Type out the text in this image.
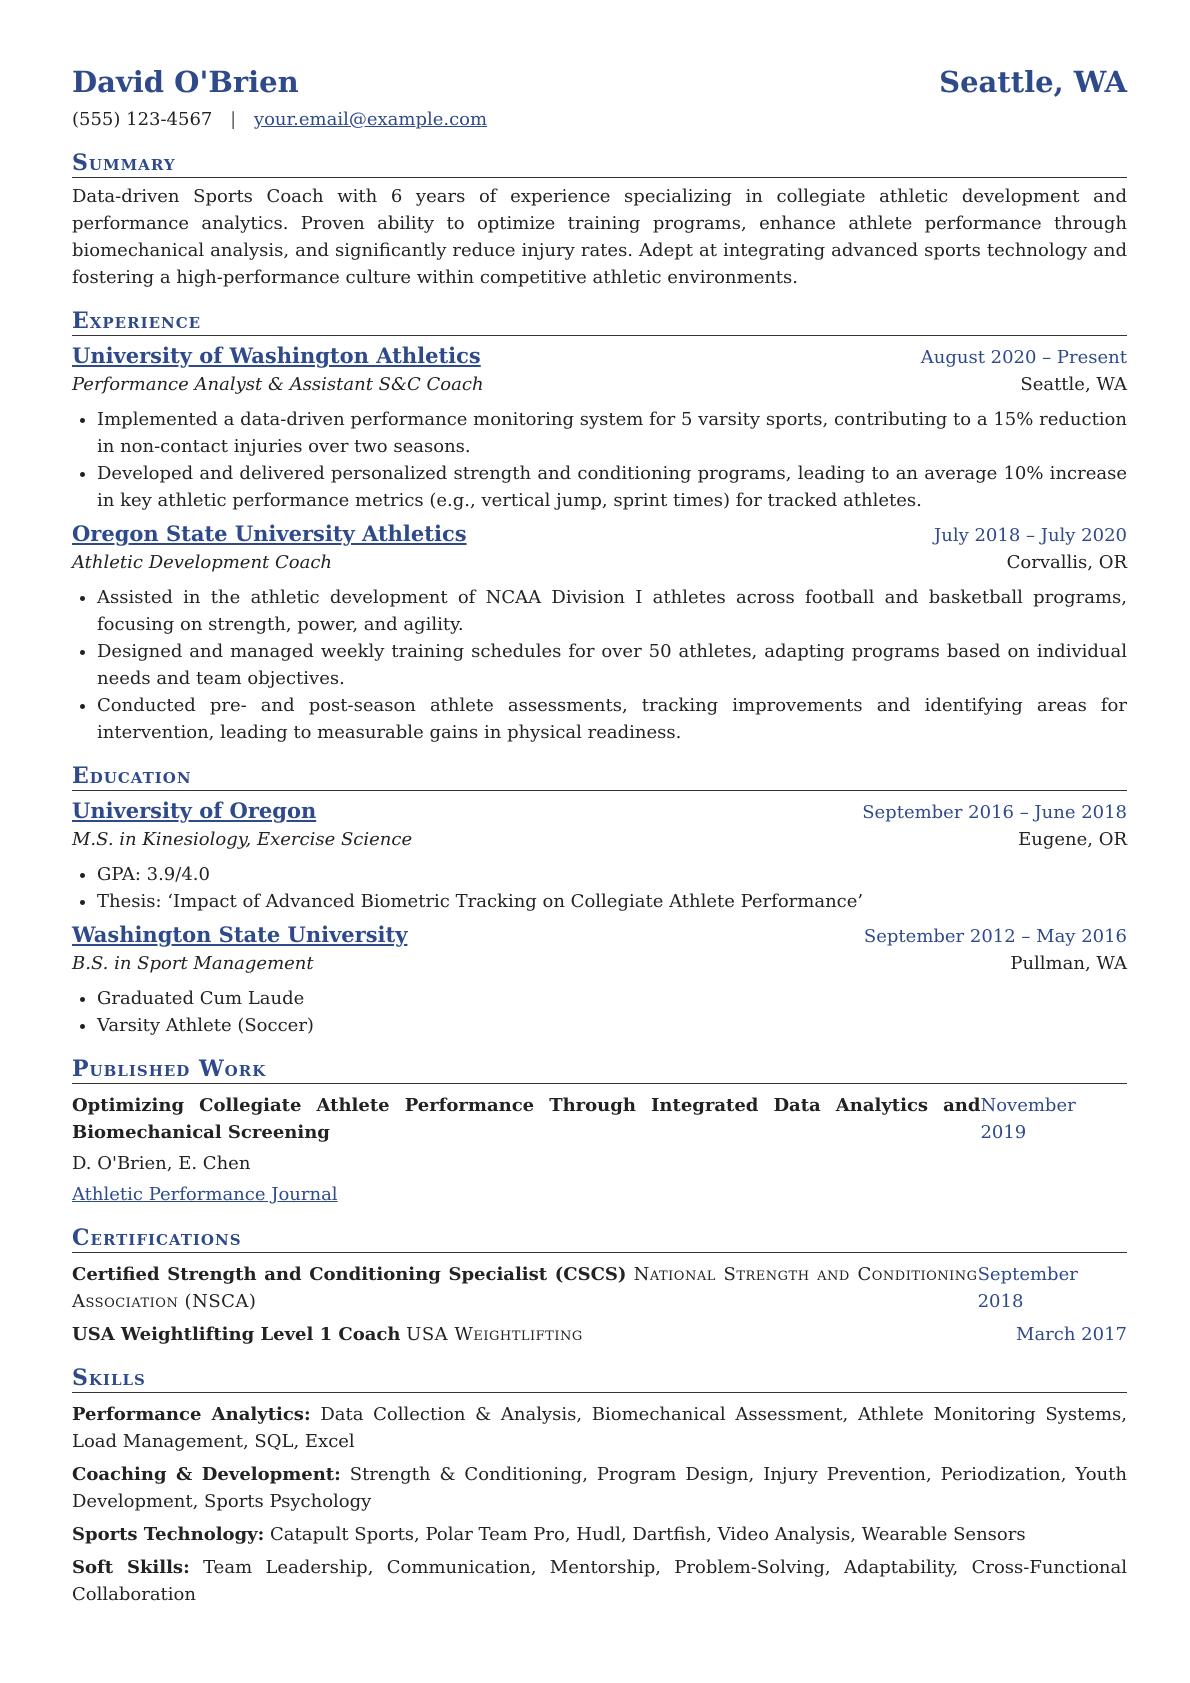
David O'Brien	Seattle, WA
(555) 123-4567 | your.email@example.com
Summary
Data-driven Sports Coach with 6 years of experience specializing in collegiate athletic development and performance analytics. Proven ability to optimize training programs, enhance athlete performance through biomechanical analysis, and significantly reduce injury rates. Adept at integrating advanced sports technology and fostering a high-performance culture within competitive athletic environments.
Experience
University of Washington Athletics	August 2020 – Present
Performance Analyst & Assistant S&C Coach	Seattle, WA
• Implemented a data-driven performance monitoring system for 5 varsity sports, contributing to a 15% reduction in non-contact injuries over two seasons.
• Developed and delivered personalized strength and conditioning programs, leading to an average 10% increase in key athletic performance metrics (e.g., vertical jump, sprint times) for tracked athletes.
Oregon State University Athletics	July 2018 – July 2020
Athletic Development Coach	Corvallis, OR
• Assisted in the athletic development of NCAA Division I athletes across football and basketball programs, focusing on strength, power, and agility.
• Designed and managed weekly training schedules for over 50 athletes, adapting programs based on individual needs and team objectives.
• Conducted pre- and post-season athlete assessments, tracking improvements and identifying areas for intervention, leading to measurable gains in physical readiness.
Education
University of Oregon	September 2016 – June 2018
M.S. in Kinesiology, Exercise Science	Eugene, OR
• GPA: 3.9/4.0
• Thesis: ‘Impact of Advanced Biometric Tracking on Collegiate Athlete Performance’
Washington State University	September 2012 – May 2016
B.S. in Sport Management	Pullman, WA
• Graduated Cum Laude
• Varsity Athlete (Soccer)
Published Work
Optimizing Collegiate Athlete Performance Through Integrated Data Analytics and Biomechanical Screening
November 2019
D. O'Brien, E. Chen
Athletic Performance Journal
Certifications
Certified Strength and Conditioning Specialist (CSCS) National Strength and Conditioning Association (NSCA)
September 2018
USA Weightlifting Level 1 Coach USA Weightlifting	March 2017
Skills
Performance Analytics: Data Collection & Analysis, Biomechanical Assessment, Athlete Monitoring Systems, Load Management, SQL, Excel
Coaching & Development: Strength & Conditioning, Program Design, Injury Prevention, Periodization, Youth Development, Sports Psychology
Sports Technology: Catapult Sports, Polar Team Pro, Hudl, Dartfish, Video Analysis, Wearable Sensors
Soft Skills: Team Leadership, Communication, Mentorship, Problem-Solving, Adaptability, Cross-Functional Collaboration
